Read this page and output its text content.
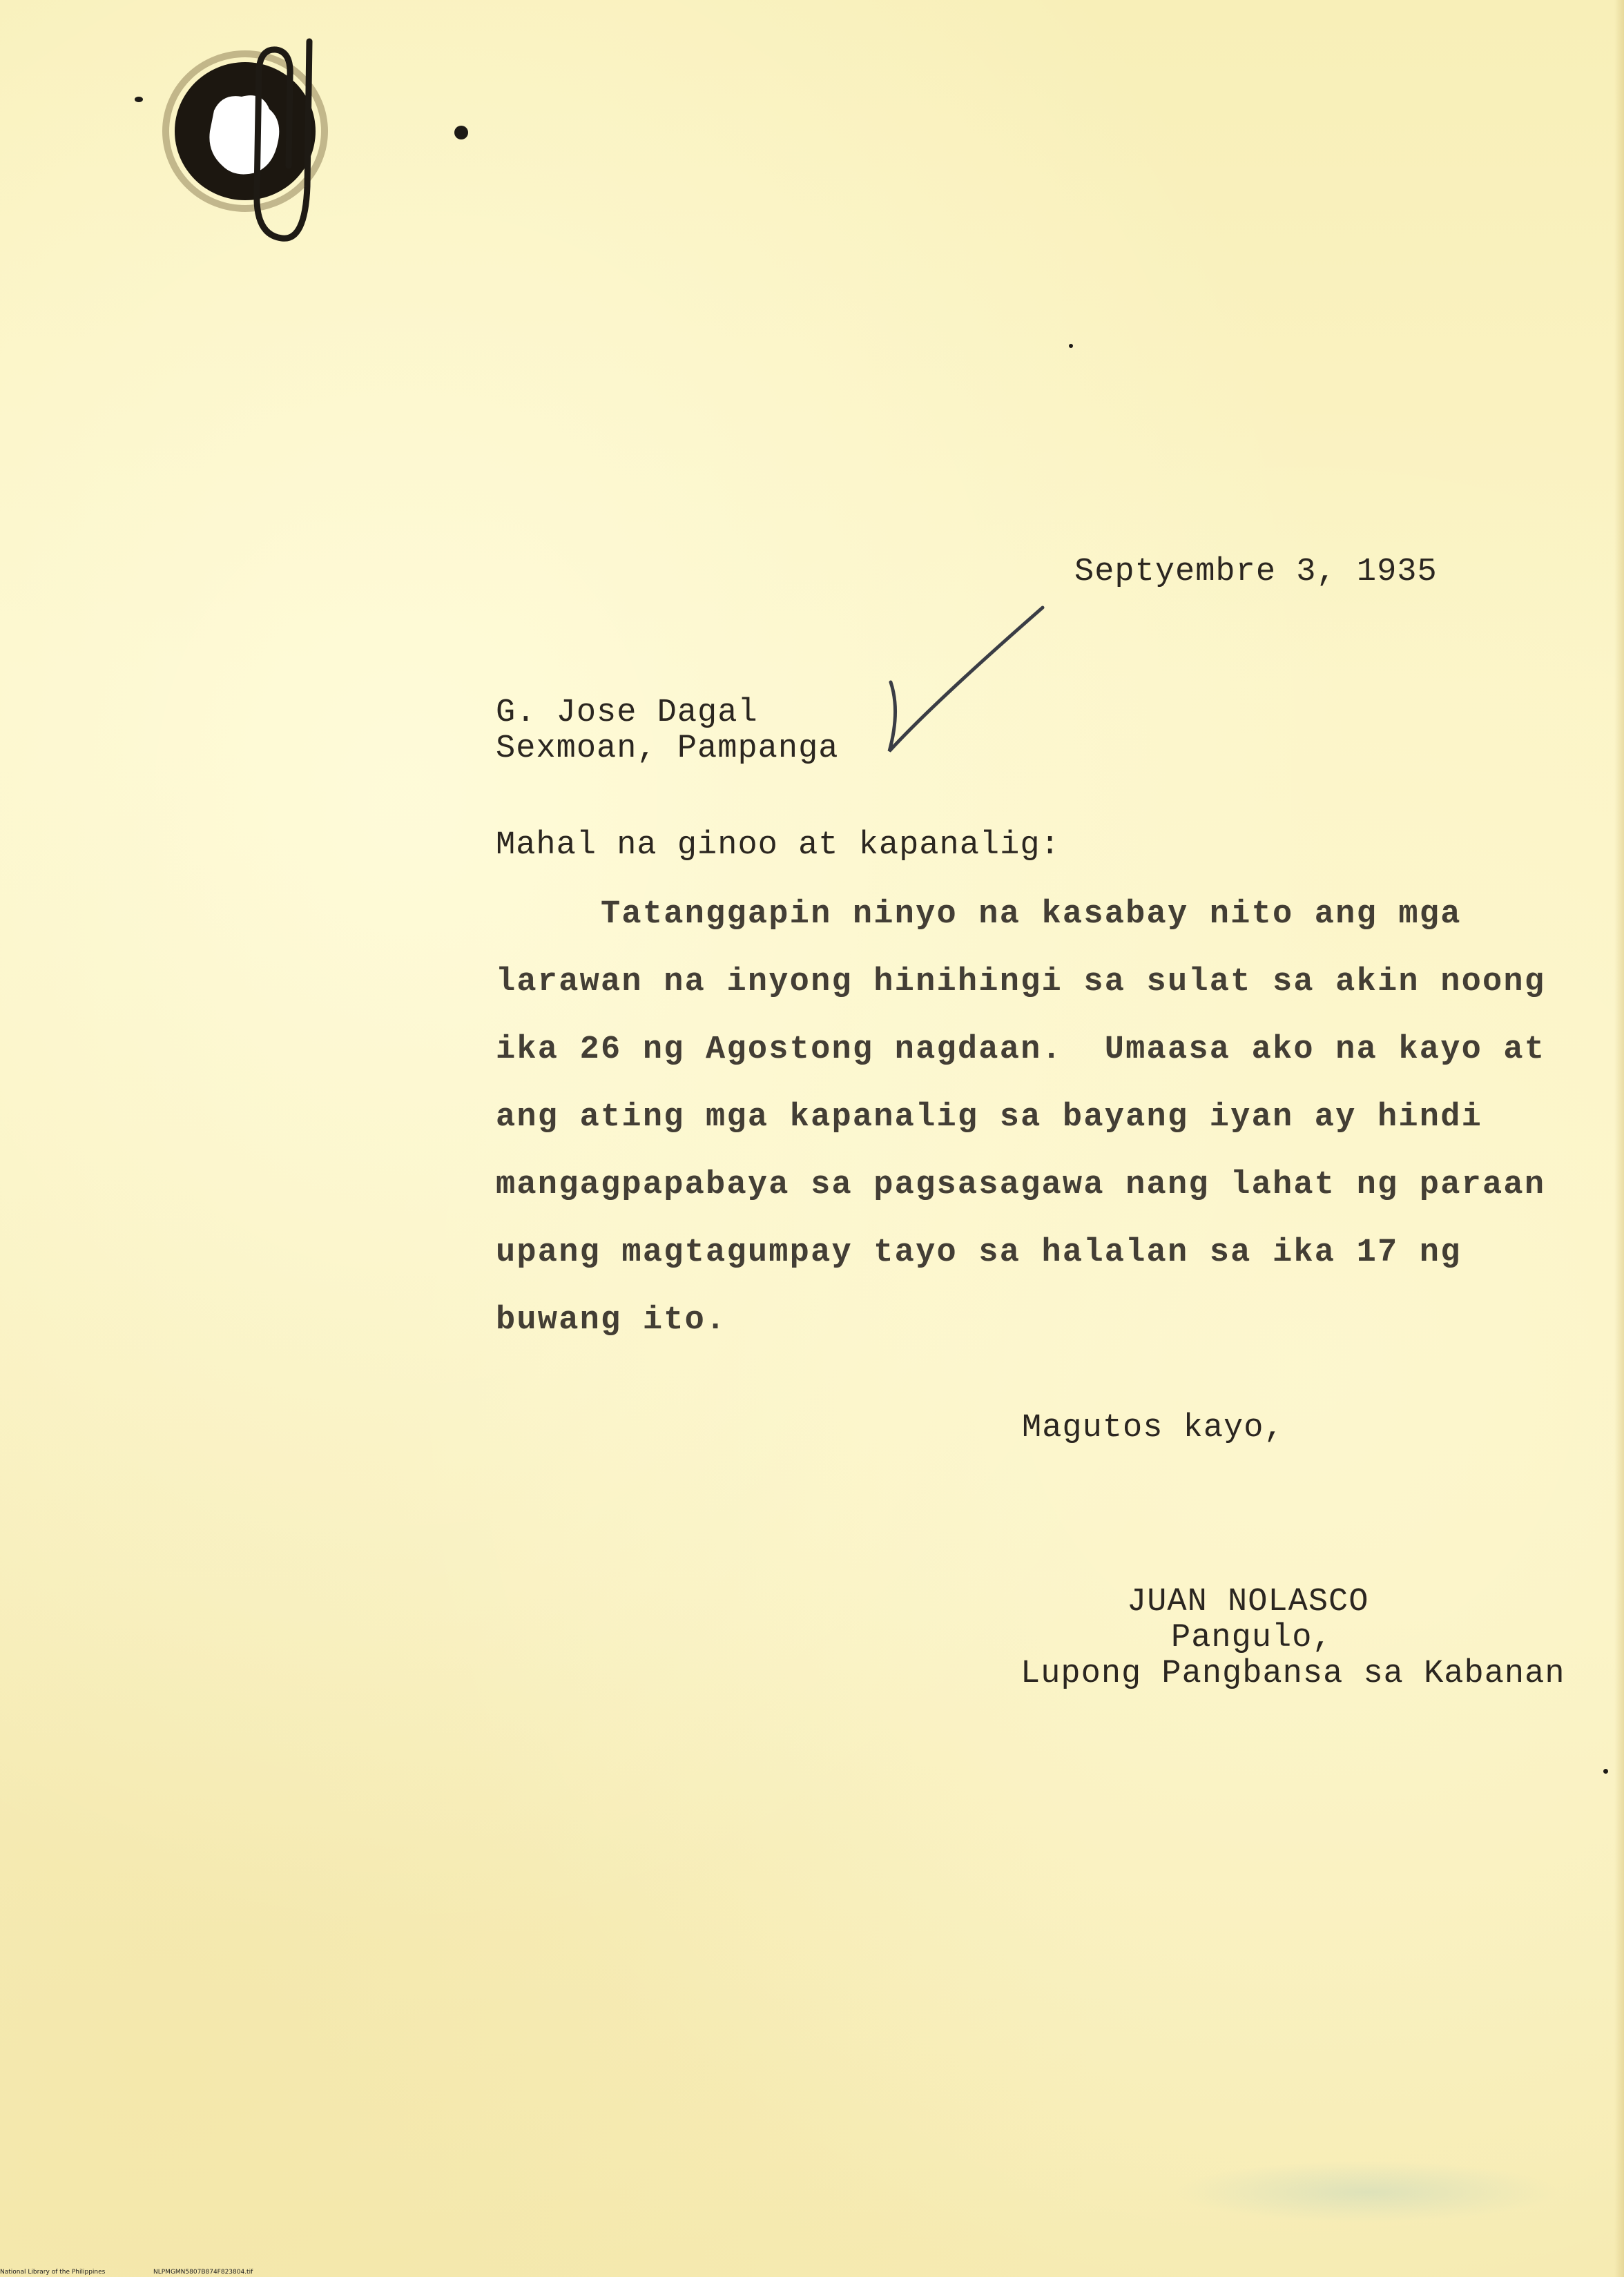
Septyembre 3, 1935
G. Jose Dagal
Sexmoan, Pampanga
Mahal na ginoo at kapanalig:
Tatanggapin ninyo na kasabay nito ang mga
larawan na inyong hinihingi sa sulat sa akin noong
ika 26 ng Agostong nagdaan.  Umaasa ako na kayo at
ang ating mga kapanalig sa bayang iyan ay hindi
mangagpapabaya sa pagsasagawa nang lahat ng paraan
upang magtagumpay tayo sa halalan sa ika 17 ng
buwang ito.
Magutos kayo,
JUAN NOLASCO
Pangulo,
Lupong Pangbansa sa Kabanan
National Library of the Philippines	NLPMGMN5807B874F823804.tif
